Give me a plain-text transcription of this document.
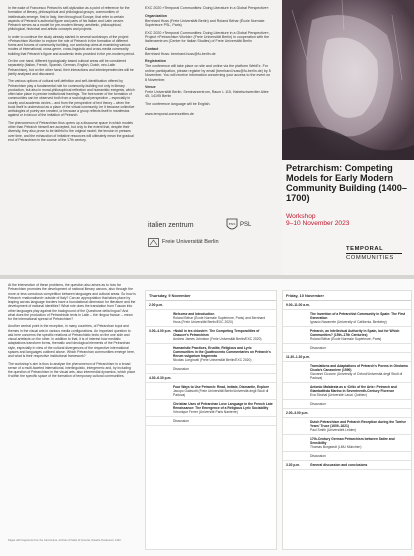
In the wake of Francesco Petrarch's self-stylization as a point of reference for the formation of literary, philosophical and philological groups, communities of intellectuals emerge, first in Italy, then throughout Europe, that refer to certain aspects of Petrarch's authorial figure and parts of his Italian and Latin oeuvre. Petrarch serves as a model for pre-modern literary, aesthetic, philosophical, philological, historical and artistic concepts and projects.

In order to continue the study already started in several workshops of the project »Petrarchism Worlds« to explore the role of Petrarch in the formation of different forms and forums of community building, our workshop aims at examining various modes of international, cross-genre, cross-linguistic and cross-media community building that Petrarch's figure and academic texts provided in the pre-modern period.

On the one hand, different typologically based cultural areas will be considered separately (Italian, French, Spanish, German, English, Dutch, neo-Latin Petrarchism), but on the other hand, their interactions and interdependencies will be jointly analysed and discussed.

The various options of cultural self-definition and self-identification offered by Petrarchism play a fundamental role for community-building not only in literary production, but also in moral-philosophical reflection and humanistic exegesis, which often take place in precise institutional framings. The forerunner of the formation of communities can be observed both from a sociological perspective – especially in courtly and academic circles – and from the perspective of text theory – when the book itself is understood as a place of the virtual community, be it because collective anthologies of poetry are created, or because a group reflects itself in manifestos against or in favour of the imitation of Petrarch.

The phenomenon of Petrarchism thus opens up a discourse space in which models other than Petrarch himself are accepted, but only to the extent that, despite their diversity, they also prove to be faithful to the original model; the tension in presses over time, and the exhaustion of imitative resources will ultimately mean the gradual end of Petrarchism in the course of the 17th century.

EXC 2020 »Temporal Communities: Doing Literature in a Global Perspective«

Organization

Bernhard Huss (Freie Universität Berlin) and Roland Béhar (École Normale Supérieure PSL, Paris)

EXC 2020 »Temporal Communities: Doing Literature in a Global Perspective«, Project »Petrarchism Worlds« (Freie Universität Berlin) in cooperation with the Italienzentrum (Center for Italian Studies) of Freie Universität Berlin

Contact

Bernhard Huss: bernhard.huss@fu-berlin.de

Registration

The conference will take place on site and online via the platform WebEx. For online participation, please register by email (bernhard.huss@fu-berlin.de) by 5 November. You will receive information concerning your access to the event on 8 November.

Venue

Freie Universität Berlin, Seminarzentrum, Raum L 115, Habelschwerdter Allee 45, 14195 Berlin

The conference language will be English.

www.temporal-communities.de

italien zentrum	ENS PSL
Freie Universität Berlin
Petrarchism: Competing Models for Early Modern Community Building (1400–1700)
Workshop
9–10 November 2023
TEMPORAL
COMMUNITIES

At the intersection of these problems, the question also arises as to how far Petrarchism promotes the development of national literary canons, also through the more or less conscious competition between languages and cultural areas. So how is Petrarch »nationalised« outside of Italy? Can an appropriation that takes place by leaping across language borders have a foundational dimension for literature and the development of national identities? What role does the translation from Tuscan into other languages play against the background of the Questione della lingua? And what does the production of Petrarchistic texts in Latin – the ›lingua franca‹ – mean for the international spread of Petrarchism?

Another central point is the reception, in many countries, of Petrarchan topoi and themes in the visual arts in various media configurations. An important question to ask here concerns the specific relations of Petrarchistic texts on the one side and visual artefacts on the other. In addition to that, it is of interest how medialic adaptations transform forms, thematic and ideological elements of the Petrarchan style, especially in view of the cultural divergences of the respective international spaces and languages outlined above. Which Petrarchan communities emerge here, and what is their respective institutional framework?

The workshop's aim is thus to analyse the phenomenon of Petrarchism in a broad sense of a multi-faceted international, interlinguistic, intergeneric and, by including the question of Petrarchism in the visual arts, also intermedial dynamics, which place it within the specific space of the formation of temporary cultural communities.

Pages with fragments from the Canzoniere. Archivio di Stato di Venezia, Notarile Testamenti, 1432.
Thursday, 9 November
2.00 p.m.
Welcome and Introduction
Roland Béhar (École Normale Supérieure, Paris) and Bernhard Huss (Freie Universität Berlin/EXC 2020)
3.00–4.00 p.m. »Nobil in tes chiostri«: The Competing Temporalities of Chaucer's Petrarchism
Andrew James Johnston (Freie Universität Berlin/EXC 2020)
Humanistic Practices, Erudite, Religious and Lyric Communities in the Quattrocento Commentaries on Petrarch's Rerum vulgarium fragmenta
Nicolas Longinotti (Freie Universität Berlin/EXC 2020)
Discussion
4.30–6.30 p.m.
Four Ways to Use Petrarch: Read, Imitate, Dismantle, Explore
Jacopo Galavotti (Freie Universität Berlin/Università degli Studi di Padova)
Christian Uses of Petrarchan Love Language in the French Late Renaissance: The Emergence of a Religious Lyric Sociability
Véronique Ferrer (Université Paris Nanterre)
Discussion
Friday, 10 November
9.00–11.00 a.m.
The Invention of a Petrarchist Community in Spain: The First Generation
Ignacio Navarrete (University of California, Berkeley)
Petrarch, an Intellectual Authority in Spain, but for Which Communities? (15th–17th Centuries)
Roland Béhar (École Normale Supérieure, Paris)
Discussion
11.30–1.30 p.m.
Translations and Adaptations of Petrarch's Poems in Girolamo Cicala's Canzoniere (1590)
Giovanni Ciccone (University of Oxford/Università degli Studi di Padova)
Antonio Malatesta as a ›Critic of the Arts‹: Petrarch and Giambattista Marino in Seventeenth-Century Florence
Eva Struhal (Université Laval, Québec)
Discussion
2.00–3.00 p.m.
Dutch Petrarchism and Petrarch Reception during the Twelve Years' Truce (1609–1621)
Paul Smith (Universiteit Leiden)
17th-Century German Petrarchism between Satire and Sensibility
Thomas Borgstedt (LMU München)
Discussion
3.30 p.m.	General discussion and conclusions
